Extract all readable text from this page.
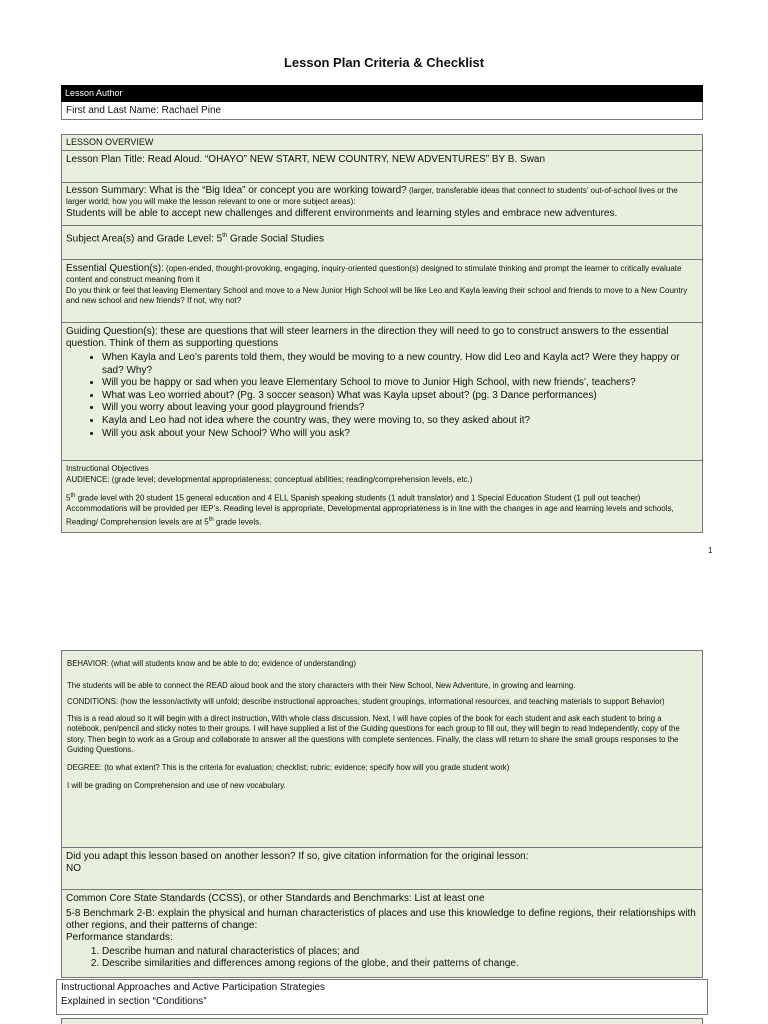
Lesson Plan Criteria & Checklist
Lesson Author
First and Last Name: Rachael Pine
LESSON OVERVIEW
Lesson Plan Title: Read Aloud. “OHAYO” NEW START, NEW COUNTRY, NEW ADVENTURES” BY B. Swan

Lesson Summary: What is the “Big Idea” or concept you are working toward? (larger, transferable ideas that connect to students’ out-of-school lives or the larger world; how you will make the lesson relevant to one or more subject areas):

Students will be able to accept new challenges and different environments and learning styles and embrace new adventures.

Subject Area(s) and Grade Level: 5th Grade Social Studies

Essential Question(s): (open-ended, thought-provoking, engaging, inquiry-oriented question(s) designed to stimulate thinking and prompt the learner to critically evaluate content and construct meaning from it

Do you think or feel that leaving Elementary School and move to a New Junior High School will be like Leo and Kayla leaving their school and friends to move to a New Country and new school and new friends? If not, why not?

Guiding Question(s): these are questions that will steer learners in the direction they will need to go to construct answers to the essential question. Think of them as supporting questions

• When Kayla and Leo’s parents told them, they would be moving to a new country. How did Leo and Kayla act? Were they happy or sad? Why?
• Will you be happy or sad when you leave Elementary School to move to Junior High School, with new friends’, teachers?
• What was Leo worried about? (Pg. 3 soccer season) What was Kayla upset about? (pg. 3 Dance performances)
• Will you worry about leaving your good playground friends?
• Kayla and Leo had not idea where the country was, they were moving to, so they asked about it?
• Will you ask about your New School? Who will you ask?

Instructional Objectives

AUDIENCE: (grade level; developmental appropriateness; conceptual abilities; reading/comprehension levels, etc.)

5th grade level with 20 student 15 general education and 4 ELL Spanish speaking students (1 adult translator) and 1 Special Education Student (1 pull out teacher) Accommodations will be provided per IEP’s. Reading level is appropriate, Developmental appropriateness is in line with the changes in age and learning levels and schools, Reading/ Comprehension levels are at 5th grade levels.

1

BEHAVIOR: (what will students know and be able to do; evidence of understanding)

The students will be able to connect the READ aloud book and the story characters with their New School, New Adventure, in growing and learning.

CONDITIONS: (how the lesson/activity will unfold; describe instructional approaches, student groupings, informational resources, and teaching materials to support Behavior)

This is a read aloud so it will begin with a direct instruction, With whole class discussion. Next, I will have copies of the book for each student and ask each student to bring a notebook, pen/pencil and sticky notes to their groups. I will have supplied a list of the Guiding questions for each group to fill out, they will begin to read Independently, copy of the story. Then begin to work as a Group and collaborate to answer all the questions with complete sentences. Finally, the class will return to share the small groups responses to the Guiding Questions.

DEGREE: (to what extent? This is the criteria for evaluation; checklist; rubric; evidence; specify how will you grade student work)

I will be grading on Comprehension and use of new vocabulary.

Did you adapt this lesson based on another lesson? If so, give citation information for the original lesson:

NO

Common Core State Standards (CCSS), or other Standards and Benchmarks: List at least one

5-8 Benchmark 2-B: explain the physical and human characteristics of places and use this knowledge to define regions, their relationships with other regions, and their patterns of change:

Performance standards:

1. Describe human and natural characteristics of places; and
2. Describe similarities and differences among regions of the globe, and their patterns of change.

Instructional Approaches and Active Participation Strategies

Explained in section “Conditions”
